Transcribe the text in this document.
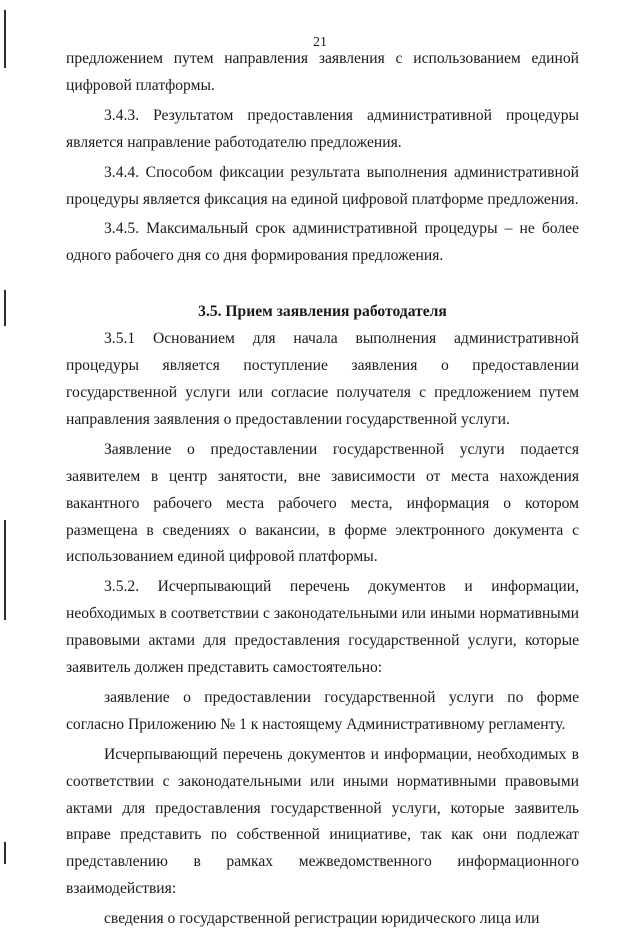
21

предложением путем направления заявления с использованием единой цифровой платформы.

3.4.3. Результатом предоставления административной процедуры является направление работодателю предложения.

3.4.4. Способом фиксации результата выполнения административной процедуры является фиксация на единой цифровой платформе предложения.

3.4.5. Максимальный срок административной процедуры – не более одного рабочего дня со дня формирования предложения.

3.5. Прием заявления работодателя

3.5.1 Основанием для начала выполнения административной процедуры является поступление заявления о предоставлении государственной услуги или согласие получателя с предложением путем направления заявления о предоставлении государственной услуги.

Заявление о предоставлении государственной услуги подается заявителем в центр занятости, вне зависимости от места нахождения вакантного рабочего места рабочего места, информация о котором размещена в сведениях о вакансии, в форме электронного документа с использованием единой цифровой платформы.

3.5.2. Исчерпывающий перечень документов и информации, необходимых в соответствии с законодательными или иными нормативными правовыми актами для предоставления государственной услуги, которые заявитель должен представить самостоятельно:

заявление о предоставлении государственной услуги по форме согласно Приложению № 1 к настоящему Административному регламенту.

Исчерпывающий перечень документов и информации, необходимых в соответствии с законодательными или иными нормативными правовыми актами для предоставления государственной услуги, которые заявитель вправе представить по собственной инициативе, так как они подлежат представлению в рамках межведомственного информационного взаимодействия:

сведения о государственной регистрации юридического лица или
